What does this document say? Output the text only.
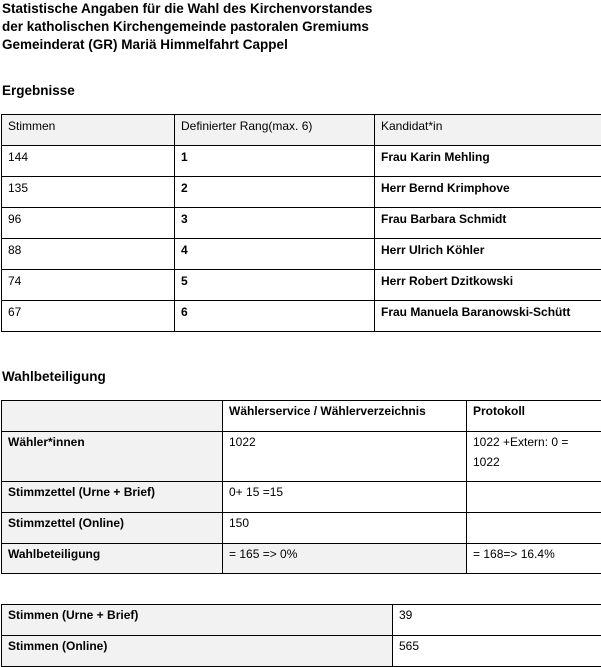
Statistische Angaben für die Wahl des Kirchenvorstandes
der katholischen Kirchengemeinde pastoralen Gremiums
Gemeinderat (GR) Mariä Himmelfahrt Cappel
Ergebnisse
Stimmen	Definierter Rang(max. 6)	Kandidat*in
144	1	Frau Karin Mehling
135	2	Herr Bernd Krimphove
96	3	Frau Barbara Schmidt
88	4	Herr Ulrich Köhler
74	5	Herr Robert Dzitkowski
67	6	Frau Manuela Baranowski-Schütt
Wahlbeteiligung
	Wählerservice / Wählerverzeichnis	Protokoll
Wähler*innen	1022	1022 +Extern: 0 = 1022
Stimmzettel (Urne + Brief)	0+ 15 =15	
Stimmzettel (Online)	150	
Wahlbeteiligung	= 165 => 0%	= 168=> 16.4%
Stimmen (Urne + Brief)	39
Stimmen (Online)	565
